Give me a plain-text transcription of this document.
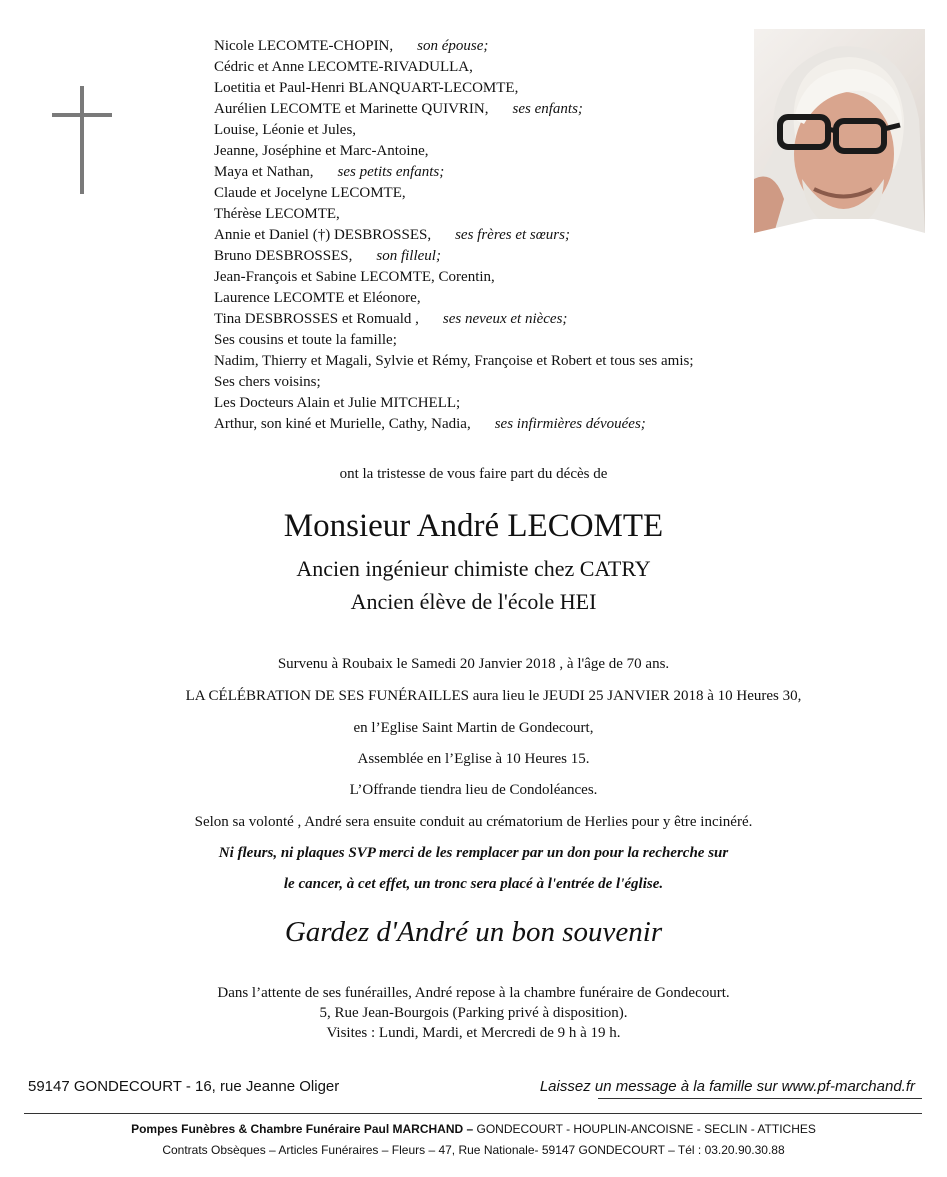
Nicole LECOMTE-CHOPIN, son épouse;
Cédric et Anne LECOMTE-RIVADULLA,
Loetitia et Paul-Henri BLANQUART-LECOMTE,
Aurélien LECOMTE et Marinette QUIVRIN, ses enfants;
Louise, Léonie et Jules,
Jeanne, Joséphine et Marc-Antoine,
Maya et Nathan, ses petits enfants;
Claude et Jocelyne LECOMTE,
Thérèse LECOMTE,
Annie et Daniel (†) DESBROSSES, ses frères et sœurs;
Bruno DESBROSSES, son filleul;
Jean-François et Sabine LECOMTE, Corentin,
Laurence LECOMTE et Eléonore,
Tina DESBROSSES et Romuald , ses neveux et nièces;
Ses cousins et toute la famille;
Nadim, Thierry et Magali, Sylvie et Rémy, Françoise et Robert et tous ses amis;
Ses chers voisins;
Les Docteurs Alain et Julie MITCHELL;
Arthur, son kiné et Murielle, Cathy, Nadia, ses infirmières dévouées;
ont la tristesse de vous faire part du décès de
Monsieur André LECOMTE
Ancien ingénieur chimiste chez CATRY
Ancien élève de l'école HEI
Survenu à Roubaix le Samedi 20 Janvier 2018 , à l'âge de 70 ans.
LA CÉLÉBRATION DE SES FUNÉRAILLES aura lieu le JEUDI 25 JANVIER 2018 à 10 Heures 30,
en l’Eglise Saint Martin de Gondecourt,
Assemblée en l’Eglise à 10 Heures 15.
L’Offrande tiendra lieu de Condoléances.
Selon sa volonté , André sera ensuite conduit au crématorium de Herlies pour y être incinéré.
Ni fleurs, ni plaques SVP merci de les remplacer par un don pour la recherche sur
le cancer, à cet effet, un tronc sera placé à l'entrée de l'église.
Gardez d'André un bon souvenir
Dans l’attente de ses funérailles, André repose à la chambre funéraire de Gondecourt.
5, Rue Jean-Bourgois (Parking privé à disposition).
Visites : Lundi, Mardi, et Mercredi de 9 h à 19 h.
59147 GONDECOURT - 16, rue Jeanne Oliger	Laissez un message à la famille sur www.pf-marchand.fr
Pompes Funèbres & Chambre Funéraire Paul MARCHAND – GONDECOURT - HOUPLIN-ANCOISNE - SECLIN - ATTICHES
Contrats Obsèques – Articles Funéraires – Fleurs – 47, Rue Nationale- 59147 GONDECOURT – Tél : 03.20.90.30.88
